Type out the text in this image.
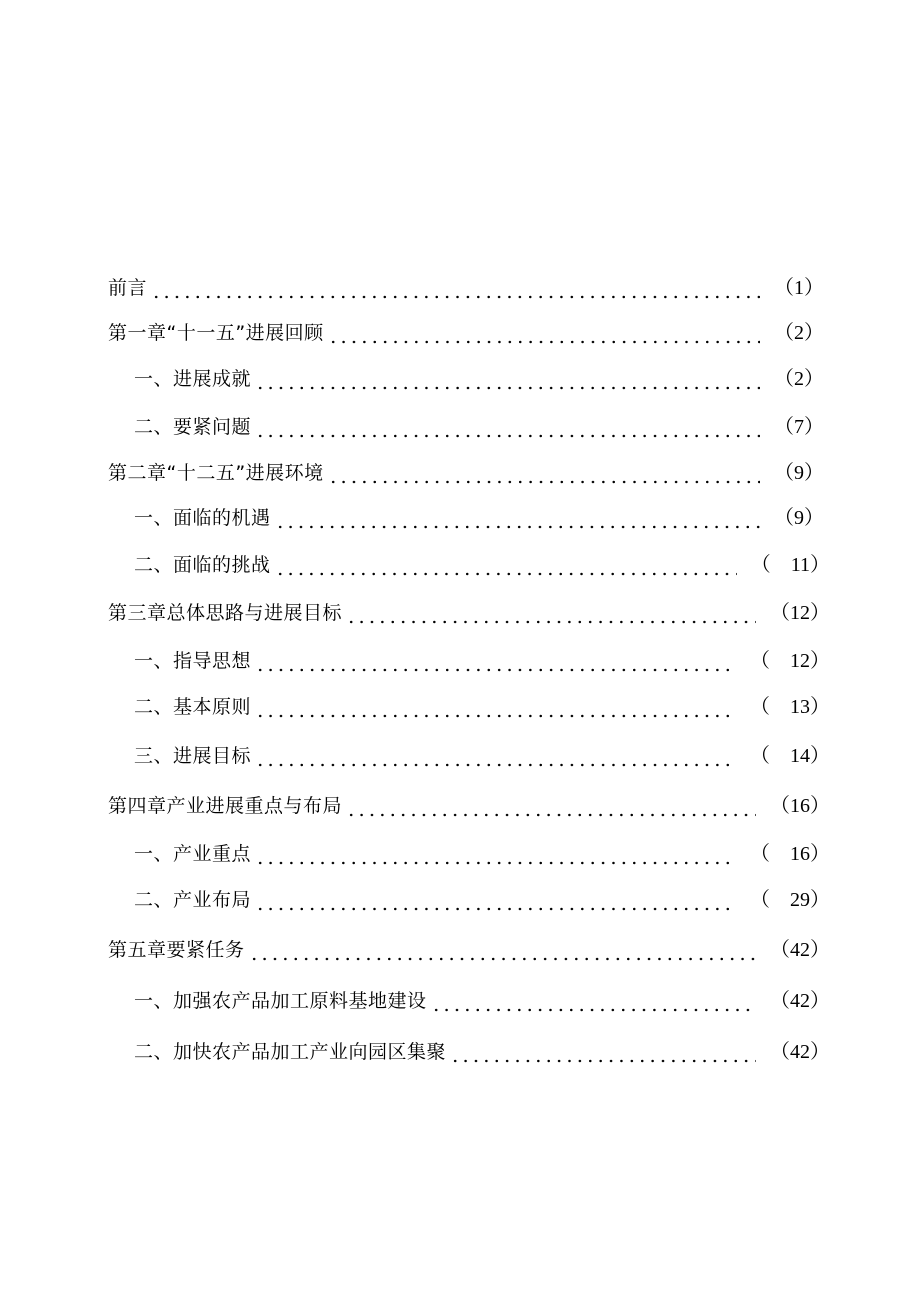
前言	（1）
第一章“十一五”进展回顾	（2）
一、进展成就	（2）
二、要紧问题	（7）
第二章“十二五”进展环境	（9）
一、面临的机遇	（9）
二、面临的挑战	（　11）
第三章总体思路与进展目标	（12）
一、指导思想	（　12）
二、基本原则	（　13）
三、进展目标	（　14）
第四章产业进展重点与布局	（16）
一、产业重点	（　16）
二、产业布局	（　29）
第五章要紧任务	（42）
一、加强农产品加工原料基地建设	（42）
二、加快农产品加工产业向园区集聚	（42）
